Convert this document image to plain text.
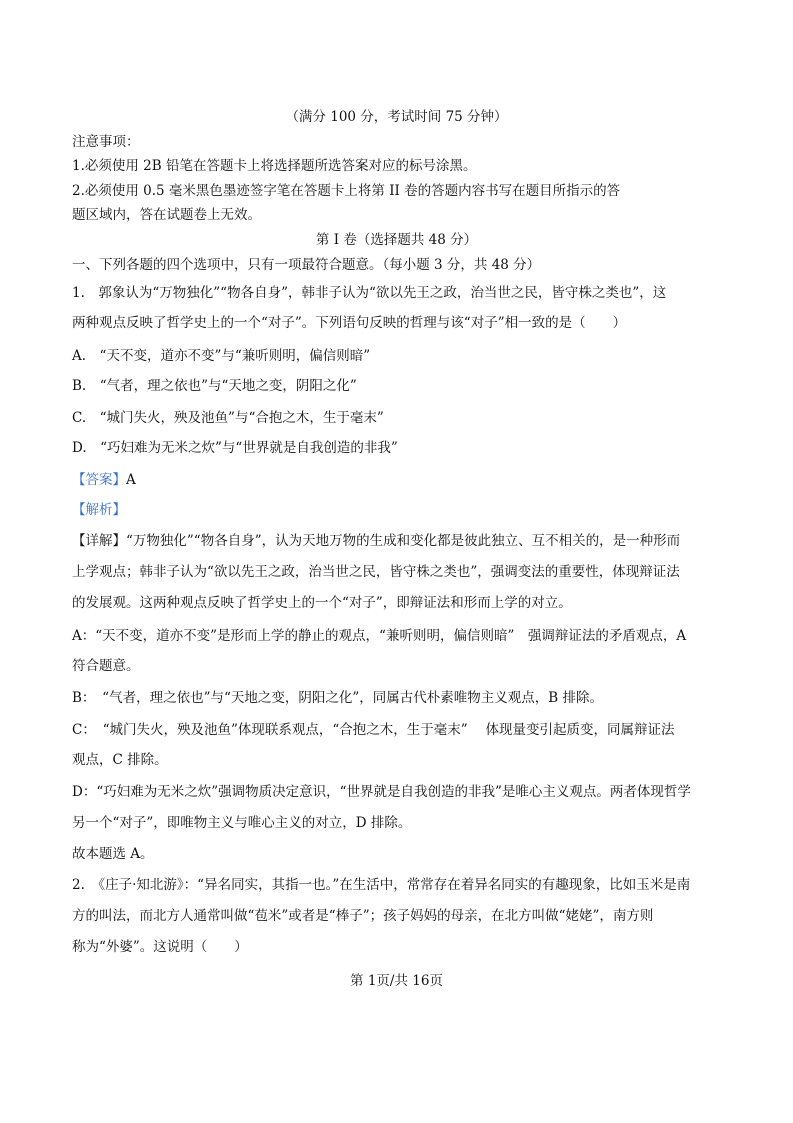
（满分 100 分，考试时间 75 分钟）
注意事项：
1.必须使用 2B 铅笔在答题卡上将选择题所选答案对应的标号涂黑。
2.必须使用 0.5 毫米黑色墨迹签字笔在答题卡上将第 II 卷的答题内容书写在题目所指示的答
题区域内，答在试题卷上无效。
第 I 卷（选择题共 48 分）
一、下列各题的四个选项中，只有一项最符合题意。（每小题 3 分，共 48 分）
1.　郭象认为“万物独化”“物各自身”，韩非子认为“欲以先王之政，治当世之民，皆守株之类也”，这
两种观点反映了哲学史上的一个“对子”。下列语句反映的哲理与该“对子”相一致的是（　　）
A.　“天不变，道亦不变”与“兼听则明，偏信则暗”
B.　“气者，理之依也”与“天地之变，阴阳之化”
C.　“城门失火，殃及池鱼”与“合抱之木，生于毫末”
D.　“巧妇难为无米之炊”与“世界就是自我创造的非我”
【答案】A
【解析】
【详解】“万物独化”“物各自身”，认为天地万物的生成和变化都是彼此独立、互不相关的，是一种形而
上学观点；韩非子认为“欲以先王之政，治当世之民，皆守株之类也”，强调变法的重要性，体现辩证法
的发展观。这两种观点反映了哲学史上的一个“对子”，即辩证法和形而上学的对立。
A：“天不变，道亦不变”是形而上学的静止的观点，“兼听则明，偏信则暗”　强调辩证法的矛盾观点，A
符合题意。
B：　“气者，理之依也”与“天地之变，阴阳之化”，同属古代朴素唯物主义观点，B 排除。
C：　“城门失火，殃及池鱼”体现联系观点，“合抱之木，生于毫末”　 体现量变引起质变，同属辩证法
观点，C 排除。
D：“巧妇难为无米之炊”强调物质决定意识，“世界就是自我创造的非我”是唯心主义观点。两者体现哲学
另一个“对子”，即唯物主义与唯心主义的对立，D 排除。
故本题选 A。
2.　《庄子·知北游》：“异名同实，其指一也。”在生活中，常常存在着异名同实的有趣现象，比如玉米是南
方的叫法，而北方人通常叫做“苞米”或者是“棒子”；孩子妈妈的母亲，在北方叫做“姥姥”，南方则
称为“外婆”。这说明（　　）
第 1页/共 16页
